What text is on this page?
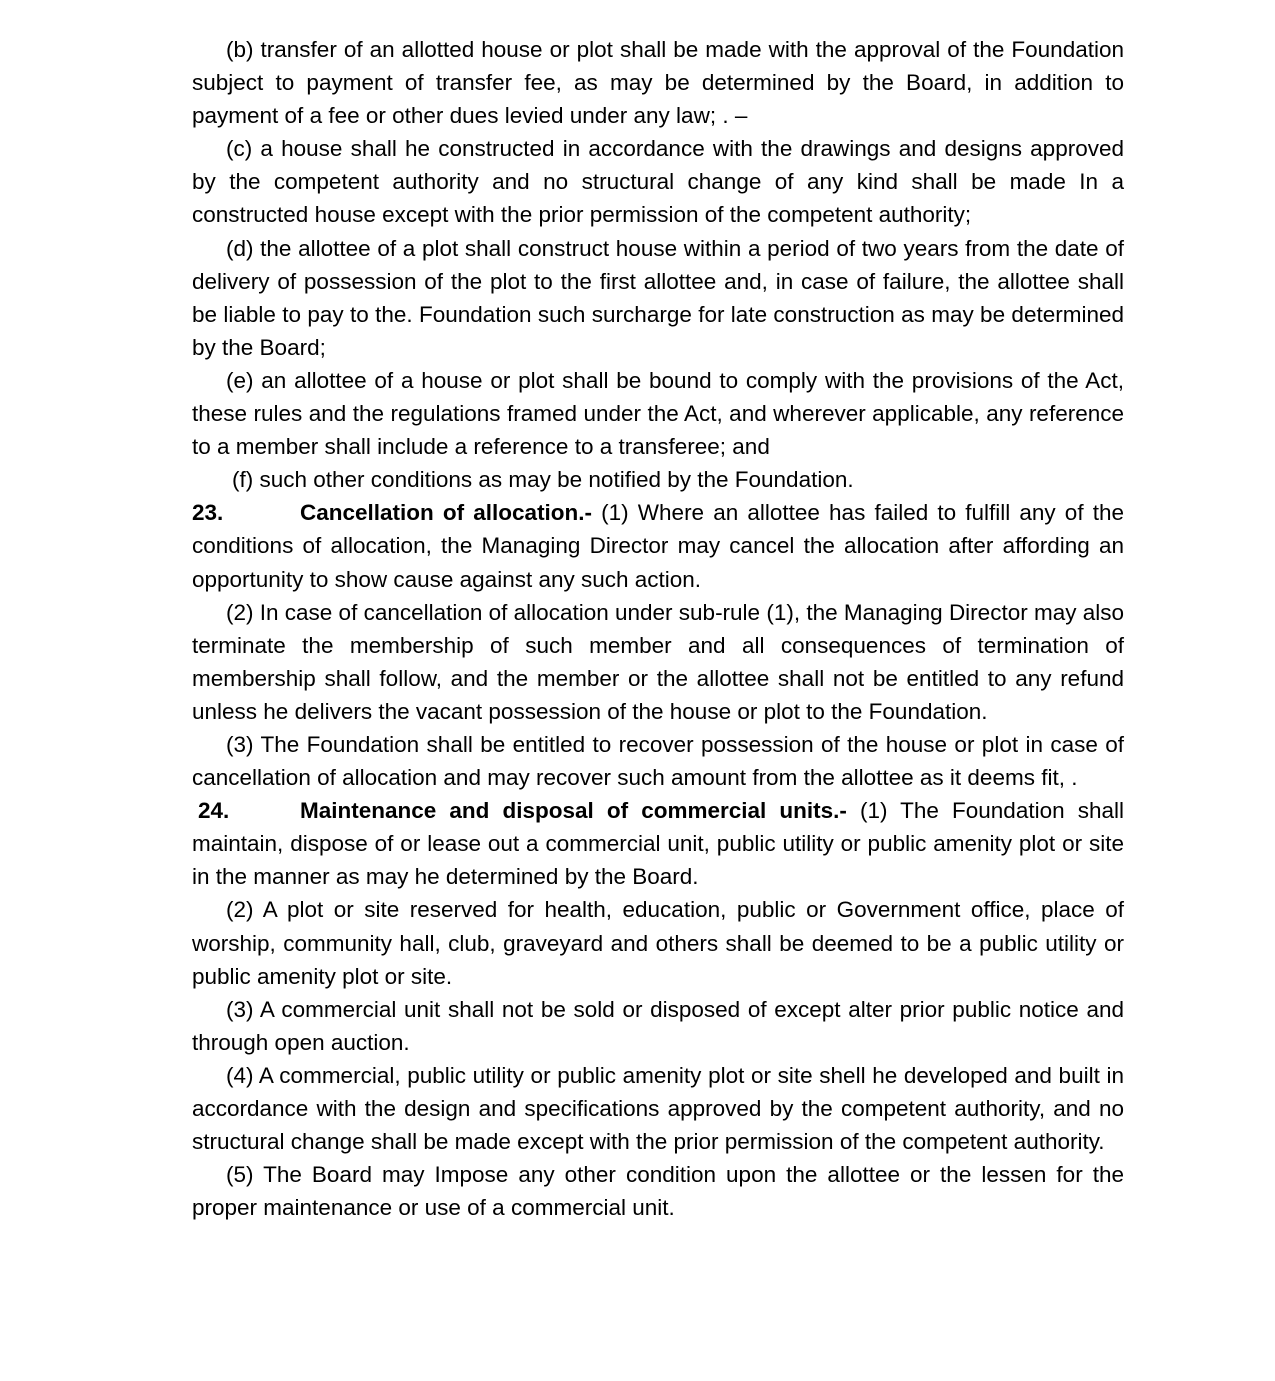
(b) transfer of an allotted house or plot shall be made with the approval of the Foundation subject to payment of transfer fee, as may be determined by the Board, in addition to payment of a fee or other dues levied under any law; . –

(c) a house shall he constructed in accordance with the drawings and designs approved by the competent authority and no structural change of any kind shall be made In a constructed house except with the prior permission of the competent authority;

(d) the allottee of a plot shall construct house within a period of two years from the date of delivery of possession of the plot to the first allottee and, in case of failure, the allottee shall be liable to pay to the. Foundation such surcharge for late construction as may be determined by the Board;

(e) an allottee of a house or plot shall be bound to comply with the provisions of the Act, these rules and the regulations framed under the Act, and wherever applicable, any reference to a member shall include a reference to a transferee; and

(f) such other conditions as may be notified by the Foundation.

23.	Cancellation of allocation.- (1) Where an allottee has failed to fulfill any of the conditions of allocation, the Managing Director may cancel the allocation after affording an opportunity to show cause against any such action.

(2) In case of cancellation of allocation under sub-rule (1), the Managing Director may also terminate the membership of such member and all consequences of termination of membership shall follow, and the member or the allottee shall not be entitled to any refund unless he delivers the vacant possession of the house or plot to the Foundation.

(3) The Foundation shall be entitled to recover possession of the house or plot in case of cancellation of allocation and may recover such amount from the allottee as it deems fit, .

24.	Maintenance and disposal of commercial units.- (1) The Foundation shall maintain, dispose of or lease out a commercial unit, public utility or public amenity plot or site in the manner as may he determined by the Board.

(2) A plot or site reserved for health, education, public or Government office, place of worship, community hall, club, graveyard and others shall be deemed to be a public utility or public amenity plot or site.

(3) A commercial unit shall not be sold or disposed of except alter prior public notice and through open auction.

(4) A commercial, public utility or public amenity plot or site shell he developed and built in accordance with the design and specifications approved by the competent authority, and no structural change shall be made except with the prior permission of the competent authority.

(5) The Board may Impose any other condition upon the allottee or the lessen for the proper maintenance or use of a commercial unit.
